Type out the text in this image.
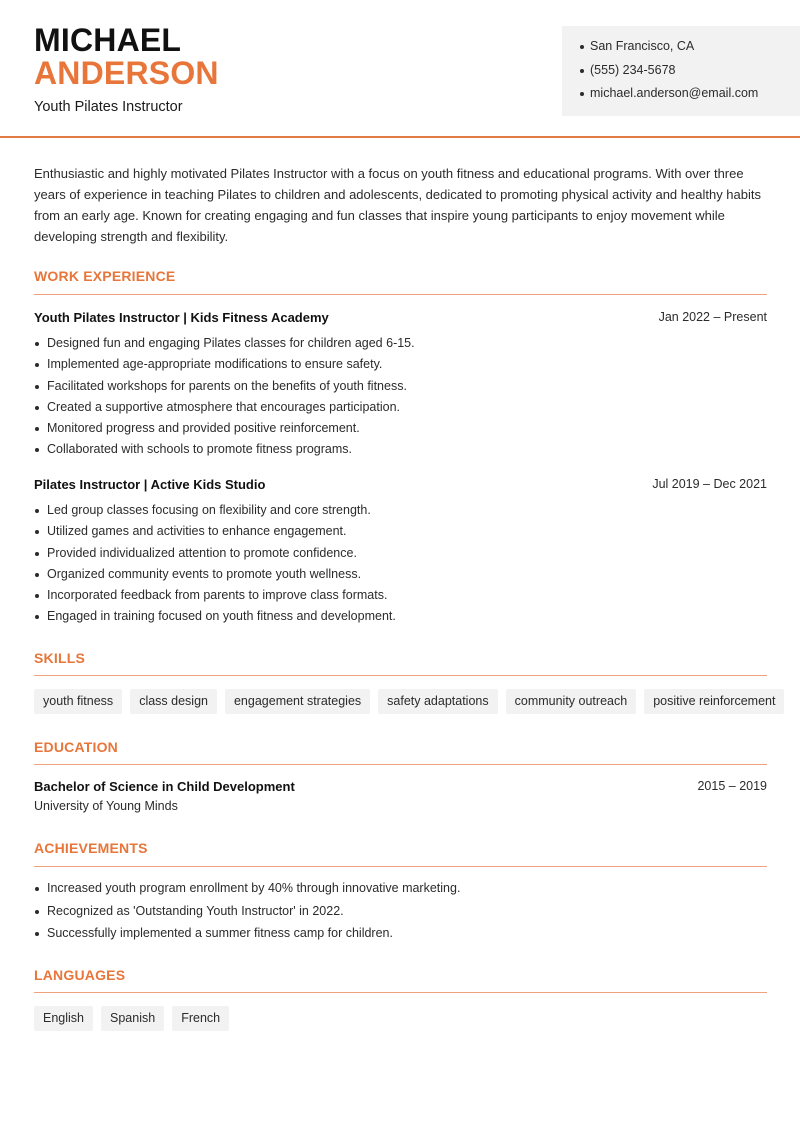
MICHAEL
ANDERSON
Youth Pilates Instructor
San Francisco, CA
(555) 234-5678
michael.anderson@email.com
Enthusiastic and highly motivated Pilates Instructor with a focus on youth fitness and educational programs. With over three years of experience in teaching Pilates to children and adolescents, dedicated to promoting physical activity and healthy habits from an early age. Known for creating engaging and fun classes that inspire young participants to enjoy movement while developing strength and flexibility.
WORK EXPERIENCE
Youth Pilates Instructor | Kids Fitness Academy	Jan 2022 – Present
Designed fun and engaging Pilates classes for children aged 6-15.
Implemented age-appropriate modifications to ensure safety.
Facilitated workshops for parents on the benefits of youth fitness.
Created a supportive atmosphere that encourages participation.
Monitored progress and provided positive reinforcement.
Collaborated with schools to promote fitness programs.
Pilates Instructor | Active Kids Studio	Jul 2019 – Dec 2021
Led group classes focusing on flexibility and core strength.
Utilized games and activities to enhance engagement.
Provided individualized attention to promote confidence.
Organized community events to promote youth wellness.
Incorporated feedback from parents to improve class formats.
Engaged in training focused on youth fitness and development.
SKILLS
youth fitness	class design	engagement strategies	safety adaptations	community outreach	positive reinforcement
EDUCATION
Bachelor of Science in Child Development	2015 – 2019
University of Young Minds
ACHIEVEMENTS
Increased youth program enrollment by 40% through innovative marketing.
Recognized as 'Outstanding Youth Instructor' in 2022.
Successfully implemented a summer fitness camp for children.
LANGUAGES
English	Spanish	French
